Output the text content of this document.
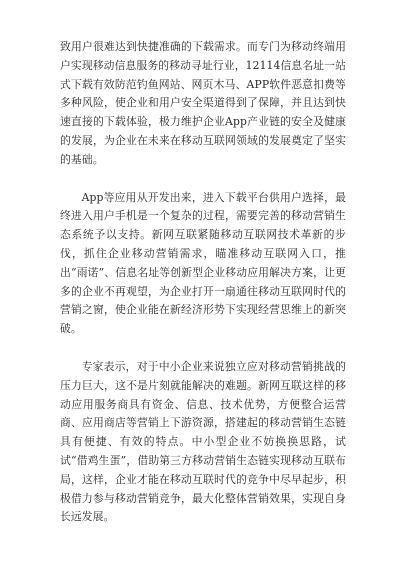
致用户很难达到快捷准确的下载需求。而专门为移动终端用户实现移动信息服务的移动寻址行业，12114信息名址一站式下载有效防范钓鱼网站、网页木马、APP软件恶意扣费等多种风险，使企业和用户安全渠道得到了保障，并且达到快速直接的下载体验，极力维护企业App产业链的安全及健康的发展，为企业在未来在移动互联网领域的发展奠定了坚实的基础。

App等应用从开发出来，进入下载平台供用户选择，最终进入用户手机是一个复杂的过程，需要完善的移动营销生态系统予以支持。新网互联紧随移动互联网技术革新的步伐，抓住企业移动营销需求，瞄准移动互联网入口，推出“雨诺”、信息名址等创新型企业移动应用解决方案，让更多的企业不再观望，为企业打开一扇通往移动互联网时代的营销之窗，使企业能在新经济形势下实现经营思维上的新突破。

专家表示，对于中小企业来说独立应对移动营销挑战的压力巨大，这不是片刻就能解决的难题。新网互联这样的移动应用服务商具有资金、信息、技术优势，方便整合运营商、应用商店等营销上下游资源，搭建起的移动营销生态链具有便捷、有效的特点。中小型企业不妨换换思路，试试“借鸡生蛋”，借助第三方移动营销生态链实现移动互联布局，这样，企业才能在移动互联时代的竞争中尽早起步，积极借力参与移动营销竞争，最大化整体营销效果，实现自身长远发展。
